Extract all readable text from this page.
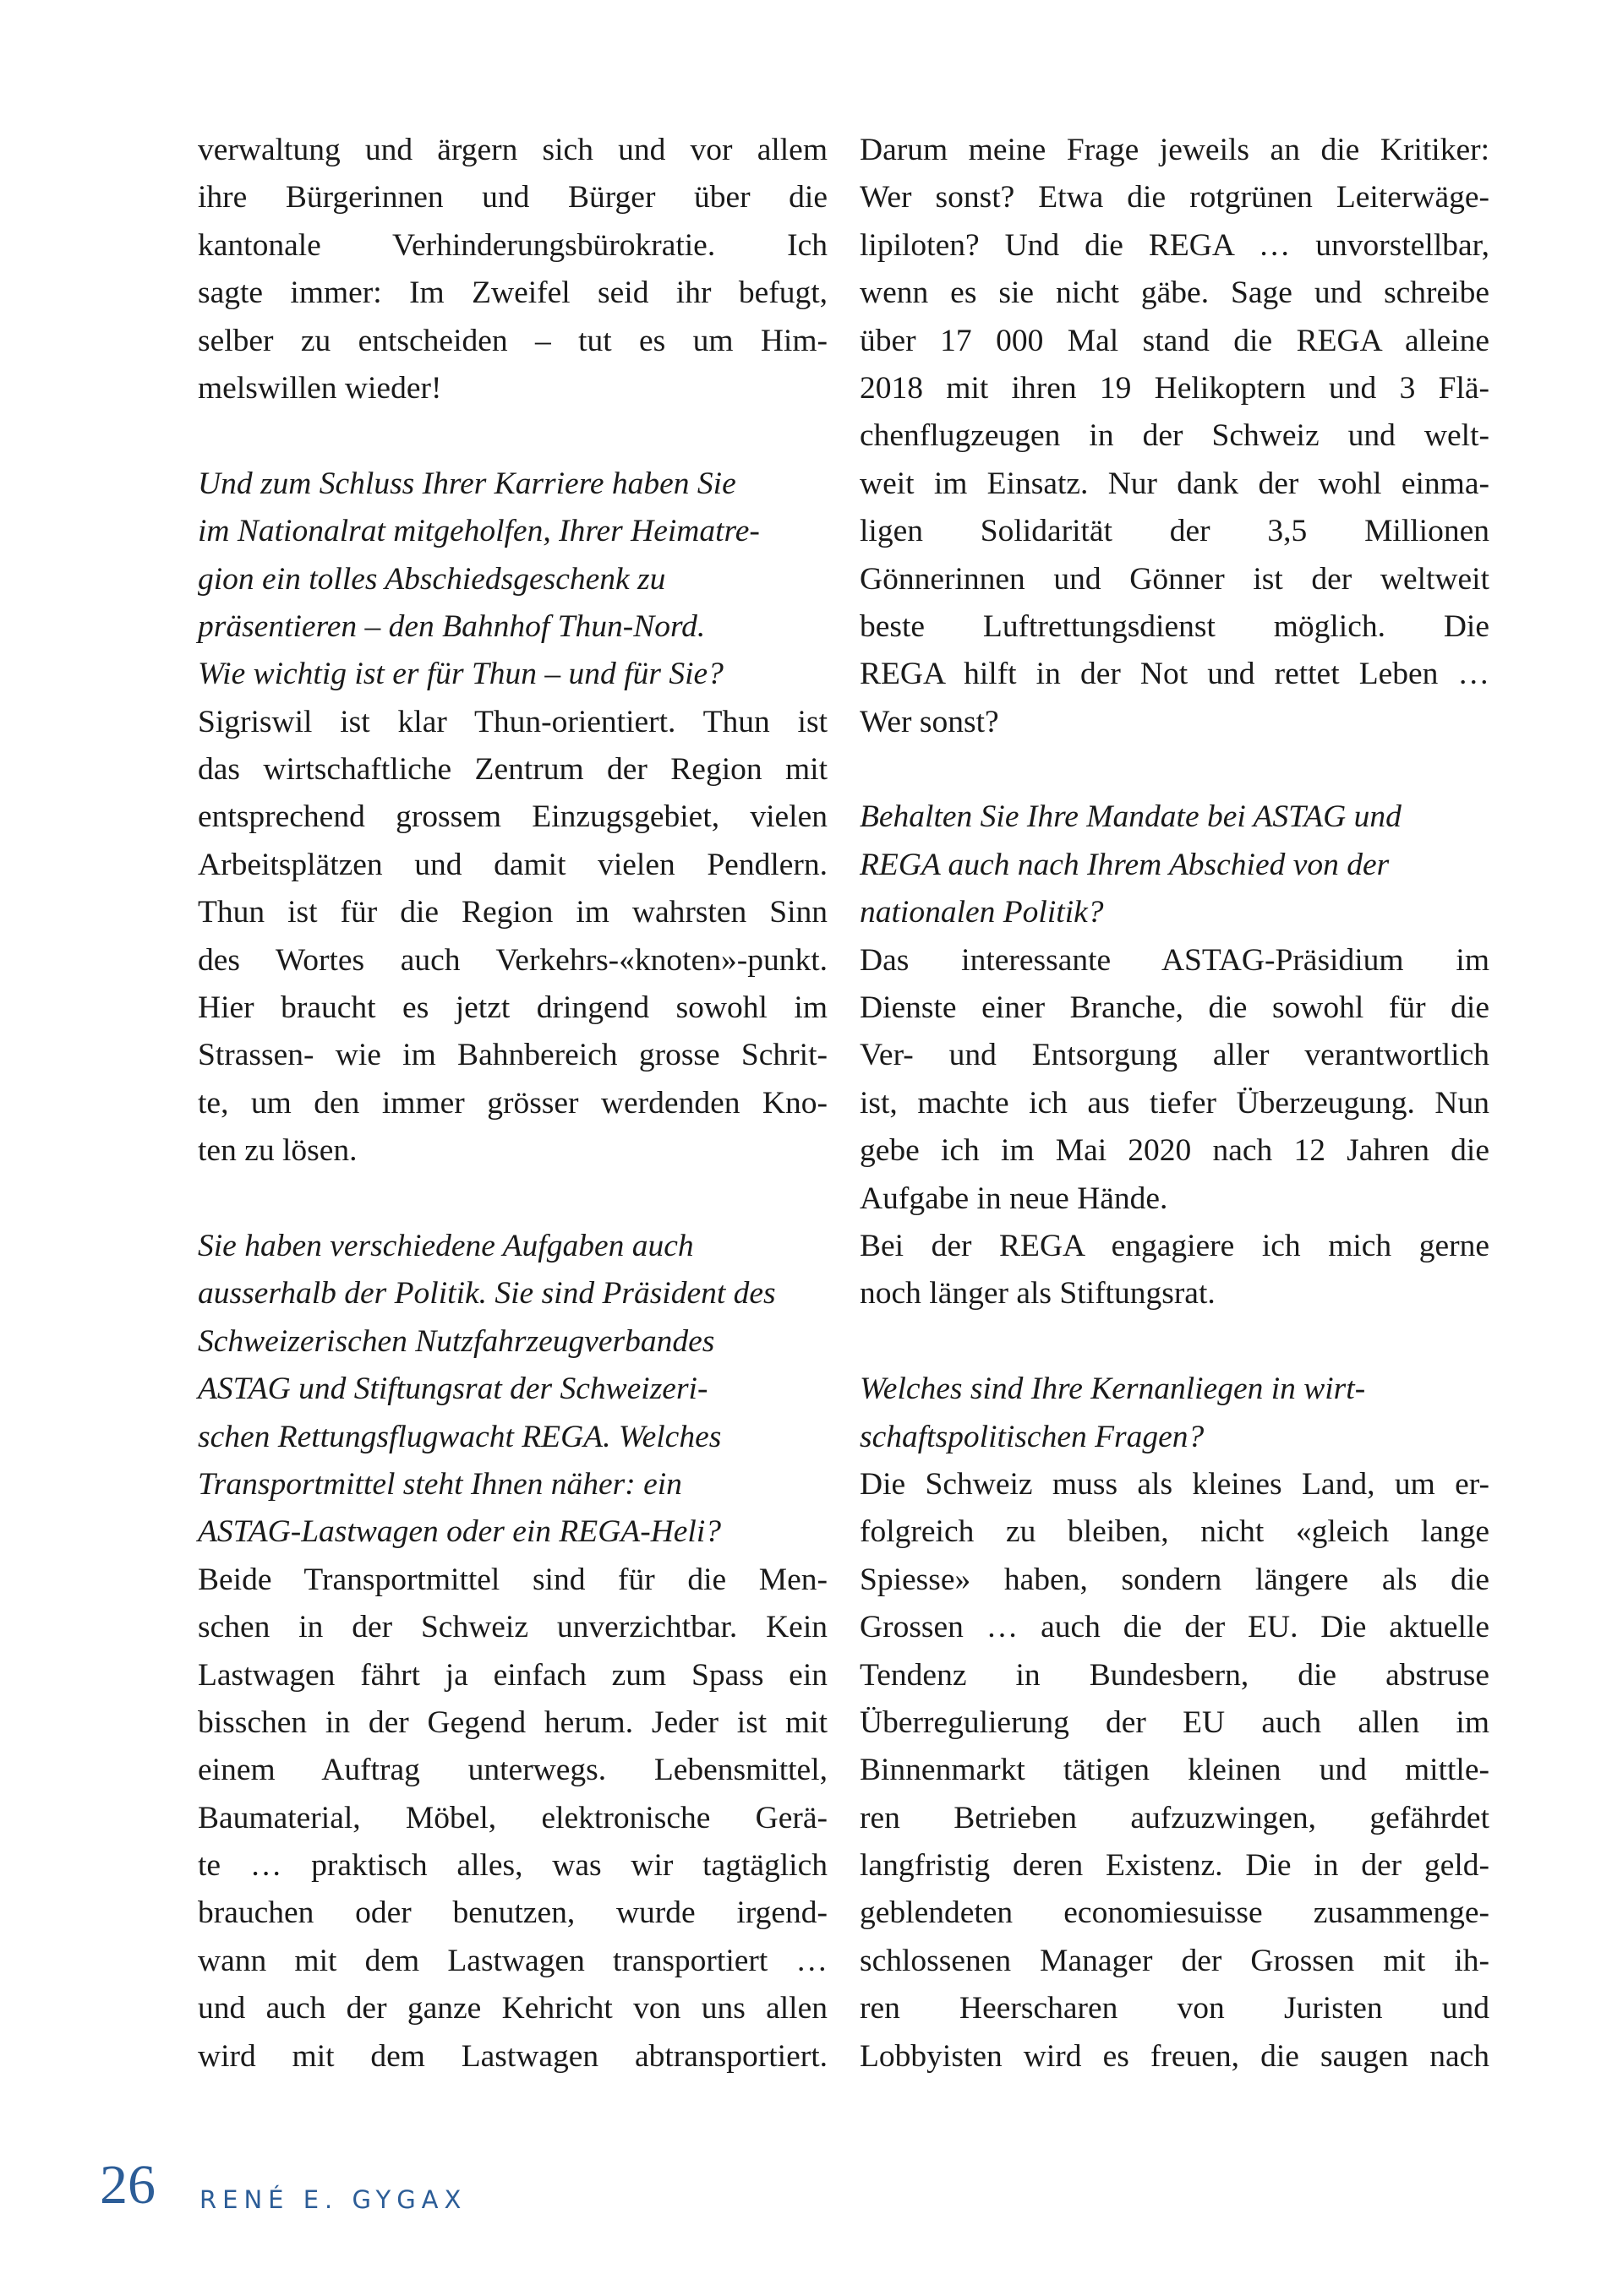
verwaltung und ärgern sich und vor allem
ihre Bürgerinnen und Bürger über die
kantonale Verhinderungsbürokratie. Ich
sagte immer: Im Zweifel seid ihr befugt,
selber zu entscheiden – tut es um Him-
melswillen wieder!
Und zum Schluss Ihrer Karriere haben Sie
im Nationalrat mitgeholfen, Ihrer Heimatre-
gion ein tolles Abschiedsgeschenk zu
präsentieren – den Bahnhof Thun-Nord.
Wie wichtig ist er für Thun – und für Sie?
Sigriswil ist klar Thun-orientiert. Thun ist
das wirtschaftliche Zentrum der Region mit
entsprechend grossem Einzugsgebiet, vielen
Arbeitsplätzen und damit vielen Pendlern.
Thun ist für die Region im wahrsten Sinn
des Wortes auch Verkehrs-«knoten»-punkt.
Hier braucht es jetzt dringend sowohl im
Strassen- wie im Bahnbereich grosse Schrit-
te, um den immer grösser werdenden Kno-
ten zu lösen.
Sie haben verschiedene Aufgaben auch
ausserhalb der Politik. Sie sind Präsident des
Schweizerischen Nutzfahrzeugverbandes
ASTAG und Stiftungsrat der Schweizeri-
schen Rettungsflugwacht REGA. Welches
Transportmittel steht Ihnen näher: ein
ASTAG-Lastwagen oder ein REGA-Heli?
Beide Transportmittel sind für die Men-
schen in der Schweiz unverzichtbar. Kein
Lastwagen fährt ja einfach zum Spass ein
bisschen in der Gegend herum. Jeder ist mit
einem Auftrag unterwegs. Lebensmittel,
Baumaterial, Möbel, elektronische Gerä-
te … praktisch alles, was wir tagtäglich
brauchen oder benutzen, wurde irgend-
wann mit dem Lastwagen transportiert …
und auch der ganze Kehricht von uns allen
wird mit dem Lastwagen abtransportiert.
Darum meine Frage jeweils an die Kritiker:
Wer sonst? Etwa die rotgrünen Leiterwäge-
lipiloten? Und die REGA … unvorstellbar,
wenn es sie nicht gäbe. Sage und schreibe
über 17 000 Mal stand die REGA alleine
2018 mit ihren 19 Helikoptern und 3 Flä-
chenflugzeugen in der Schweiz und welt-
weit im Einsatz. Nur dank der wohl einma-
ligen Solidarität der 3,5 Millionen
Gönnerinnen und Gönner ist der weltweit
beste Luftrettungsdienst möglich. Die
REGA hilft in der Not und rettet Leben …
Wer sonst?
Behalten Sie Ihre Mandate bei ASTAG und
REGA auch nach Ihrem Abschied von der
nationalen Politik?
Das interessante ASTAG-Präsidium im
Dienste einer Branche, die sowohl für die
Ver- und Entsorgung aller verantwortlich
ist, machte ich aus tiefer Überzeugung. Nun
gebe ich im Mai 2020 nach 12 Jahren die
Aufgabe in neue Hände.
Bei der REGA engagiere ich mich gerne
noch länger als Stiftungsrat.
Welches sind Ihre Kernanliegen in wirt-
schaftspolitischen Fragen?
Die Schweiz muss als kleines Land, um er-
folgreich zu bleiben, nicht «gleich lange
Spiesse» haben, sondern längere als die
Grossen … auch die der EU. Die aktuelle
Tendenz in Bundesbern, die abstruse
Überregulierung der EU auch allen im
Binnenmarkt tätigen kleinen und mittle-
ren Betrieben aufzuzwingen, gefährdet
langfristig deren Existenz. Die in der geld-
geblendeten economiesuisse zusammenge-
schlossenen Manager der Grossen mit ih-
ren Heerscharen von Juristen und
Lobbyisten wird es freuen, die saugen nach
26 RENÉ E. GYGAX
